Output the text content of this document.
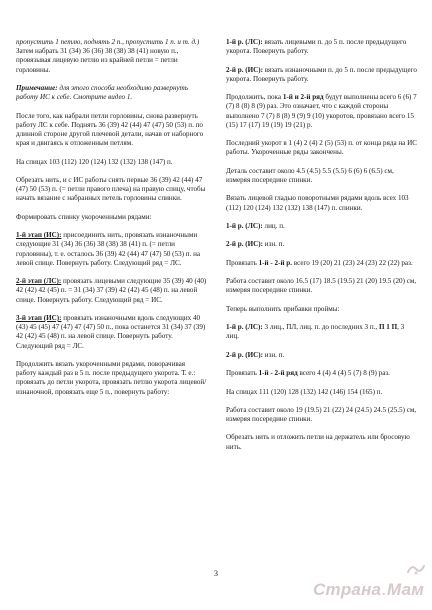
пропустить 1 петлю, поднять 2 п., пропустить 1 п. и т. д.) Затем набрать 31 (34) 36 (36) 38 (38) 38 (41) новую п., провязывая лицевую петлю из крайней петли = петли горловины.

Примечание: для этого способа необходимо развернуть работу ИС к себе. Смотрите видео 1.

После того, как набрали петли горловины, снова развернуть работу ЛС к себе. Поднять 36 (39) 42 (44) 47 (47) 50 (53) п. по длинной стороне другой плечевой детали, начав от наборного края и двигаясь к отложенным петлям.

На спицах 103 (112) 120 (124) 132 (132) 138 (147) п.

Обрезать нить, и с ИС работы снять первые 36 (39) 42 (44) 47 (47) 50 (53) п. (= петли правого плеча) на правую спицу, чтобы начать вязание с набранных петель горловины спинки.

Формировать спинку укороченными рядами:

1-й этап (ИС): присоединить нить, провязать изнаночными следующие 31 (34) 36 (36) 38 (38) 38 (41) п. (= петли горловины), т. е. осталось 36 (39) 42 (44) 47 (47) 50 (53) п. на левой спице. Повернуть работу. Следующий ряд = ЛС.

2-й этап (ЛС): провязать лицевыми следующие 35 (39) 40 (40) 42 (42) 42 (45) п. = 31 (34) 37 (39) 42 (42) 45 (48) п. на левой спице. Повернуть работу. Следующий ряд = ИС.

3-й этап (ИС): провязать изнаночными вдоль следующих 40 (43) 45 (45) 47 (47) 47 (47) 50 п., пока останется 31 (34) 37 (39) 42 (42) 45 (48) п. на левой спице. Повернуть работу. Следующий ряд = ЛС.

Продолжить вязать укороченными рядами, поворачивая работу каждый раз в 5 п. после предыдущего укорота. Т. е.: провязать до петли укорота, провязать петлю укорота лицевой/изнаночной, провязать еще 5 п., повернуть работу:

1-й р. (ЛС): вязать лицевыми п. до 5 п. после предыдущего укорота. Повернуть работу.

2-й р. (ИС): вязать изнаночными п. до 5 п. после предыдущего укорота. Повернуть работу.

Продолжить, пока 1-й и 2-й ряд будут выполнены всего 6 (6) 7 (7) 8 (8) 8 (9) раз. Это означает, что с каждой стороны выполнено 7 (7) 8 (8) 9 (9) 9 (10) укоротов, провязано всего 15 (15) 17 (17) 19 (19) 19 (21) р.

Последний укорот в 1 (4) 2 (4) 2 (5) (53) п. от конца ряда на ИС работы. Укороченные ряды закончены.

Деталь составит около 4.5 (4.5) 5.5 (5.5) 6 (6) 6 (6.5) см, измеряя посередине спинки.

Вязать лицевой гладью поворотными рядами вдоль всех 103 (112) 120 (124) 132 (132) 138 (147) п. спинки.

1-й р. (ЛС): лиц. п.

2-й р. (ИС): изн. п.

Провязать 1-й - 2-й р. всего 19 (20) 21 (23) 24 (23) 22 (22) раз.

Работа составит около 16.5 (17) 18.5 (19.5) 21 (20) 19.5 (20) см, измеряя посередине спинки.

Теперь выполнить прибавки проймы:

1-й р. (ЛС): 3 лиц., ПЛ, лиц. п. до последних 3 п., П 1 П, 3 лиц.

2-й р. (ИС): изн. п.

Провязать 1-й - 2-й ряд всего 4 (4) 4 (4) 5 (7) 8 (9) раз.

На спицах 111 (120) 128 (132) 142 (146) 154 (165) п.

Работа составит около 19 (19.5) 21 (22) 24 (24.5) 24.5 (25.5) см, измеряя посередине спинки.

Обрезать нить и отложить петли на держатель или бросовую нить.

3
Страна.Мам
